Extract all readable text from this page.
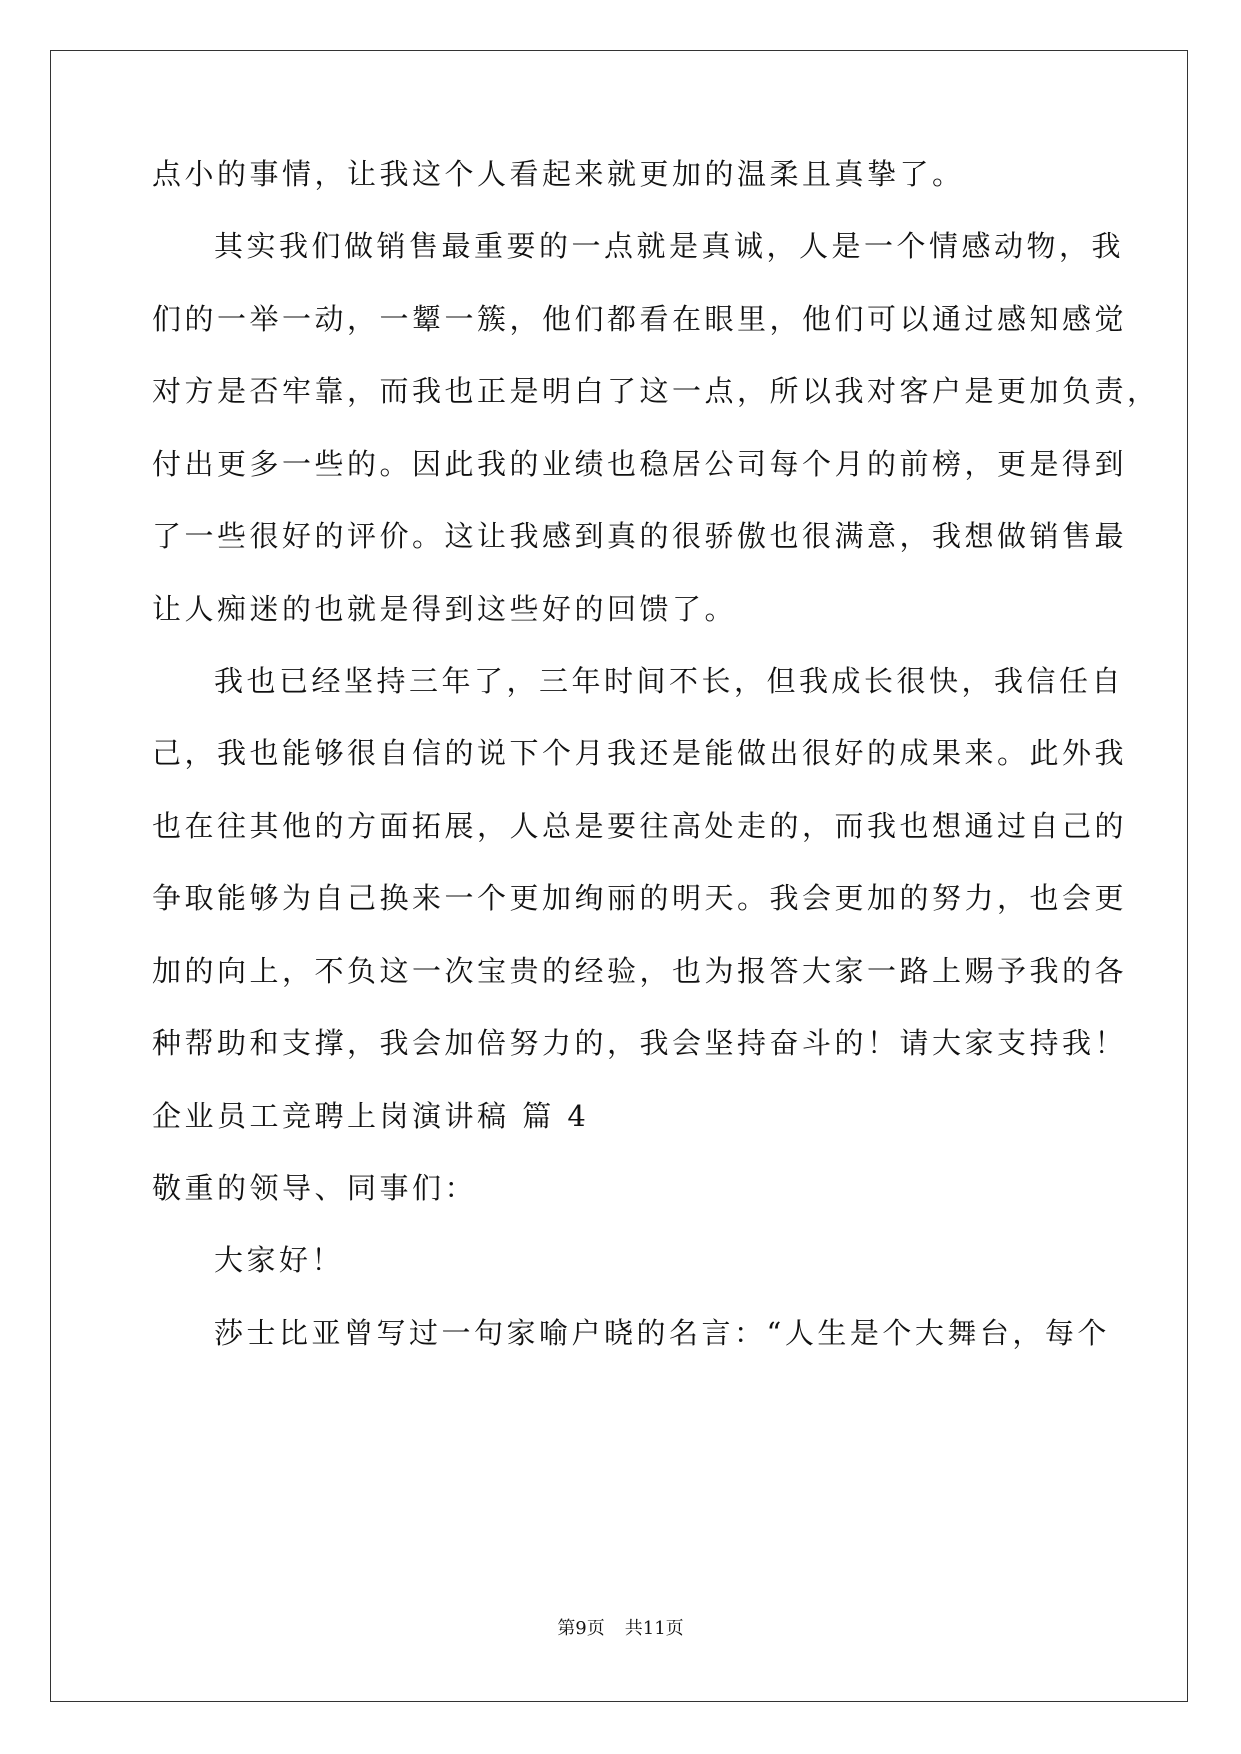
点小的事情，让我这个人看起来就更加的温柔且真挚了。
其实我们做销售最重要的一点就是真诚，人是一个情感动物，我
们的一举一动，一颦一簇，他们都看在眼里，他们可以通过感知感觉
对方是否牢靠，而我也正是明白了这一点，所以我对客户是更加负责，
付出更多一些的。因此我的业绩也稳居公司每个月的前榜，更是得到
了一些很好的评价。这让我感到真的很骄傲也很满意，我想做销售最
让人痴迷的也就是得到这些好的回馈了。
我也已经坚持三年了，三年时间不长，但我成长很快，我信任自
己，我也能够很自信的说下个月我还是能做出很好的成果来。此外我
也在往其他的方面拓展，人总是要往高处走的，而我也想通过自己的
争取能够为自己换来一个更加绚丽的明天。我会更加的努力，也会更
加的向上，不负这一次宝贵的经验，也为报答大家一路上赐予我的各
种帮助和支撑，我会加倍努力的，我会坚持奋斗的！请大家支持我！
企业员工竞聘上岗演讲稿 篇 4
敬重的领导、同事们：
大家好！
莎士比亚曾写过一句家喻户晓的名言：“人生是个大舞台，每个
第9页 共11页
